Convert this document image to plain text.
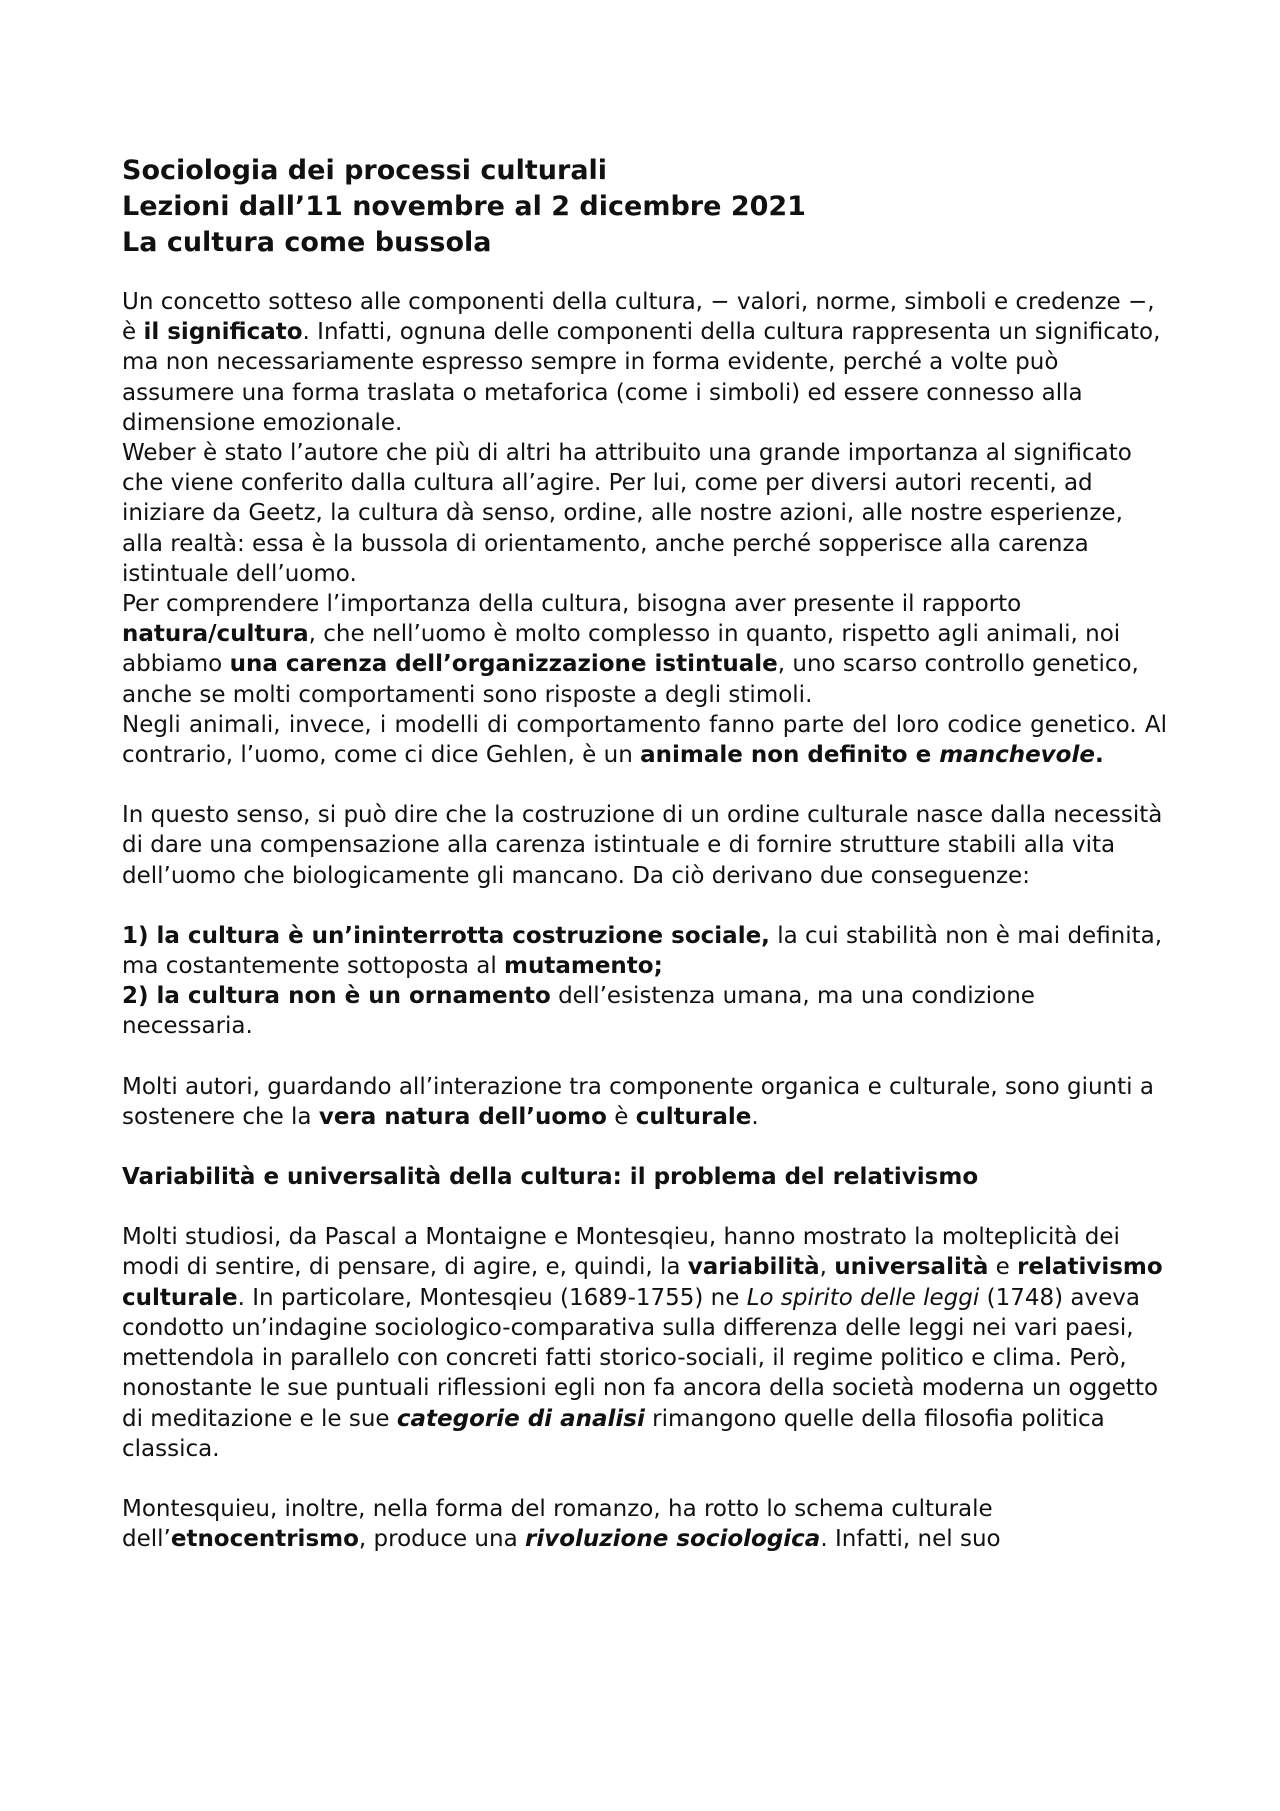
Sociologia dei processi culturali
Lezioni dall’11 novembre al 2 dicembre 2021
La cultura come bussola

Un concetto sotteso alle componenti della cultura, − valori, norme, simboli e credenze −, è il significato. Infatti, ognuna delle componenti della cultura rappresenta un significato, ma non necessariamente espresso sempre in forma evidente, perché a volte può assumere una forma traslata o metaforica (come i simboli) ed essere connesso alla dimensione emozionale.

Weber è stato l’autore che più di altri ha attribuito una grande importanza al significato che viene conferito dalla cultura all’agire. Per lui, come per diversi autori recenti, ad iniziare da Geetz, la cultura dà senso, ordine, alle nostre azioni, alle nostre esperienze, alla realtà: essa è la bussola di orientamento, anche perché sopperisce alla carenza istintuale dell’uomo.

Per comprendere l’importanza della cultura, bisogna aver presente il rapporto natura/cultura, che nell’uomo è molto complesso in quanto, rispetto agli animali, noi abbiamo una carenza dell’organizzazione istintuale, uno scarso controllo genetico, anche se molti comportamenti sono risposte a degli stimoli.

Negli animali, invece, i modelli di comportamento fanno parte del loro codice genetico. Al contrario, l’uomo, come ci dice Gehlen, è un animale non definito e manchevole.

In questo senso, si può dire che la costruzione di un ordine culturale nasce dalla necessità di dare una compensazione alla carenza istintuale e di fornire strutture stabili alla vita dell’uomo che biologicamente gli mancano. Da ciò derivano due conseguenze:

1) la cultura è un’ininterrotta costruzione sociale, la cui stabilità non è mai definita, ma costantemente sottoposta al mutamento;

2) la cultura non è un ornamento dell’esistenza umana, ma una condizione necessaria.

Molti autori, guardando all’interazione tra componente organica e culturale, sono giunti a sostenere che la vera natura dell’uomo è culturale.

Variabilità e universalità della cultura: il problema del relativismo

Molti studiosi, da Pascal a Montaigne e Montesqieu, hanno mostrato la molteplicità dei modi di sentire, di pensare, di agire, e, quindi, la variabilità, universalità e relativismo culturale. In particolare, Montesqieu (1689-1755) ne Lo spirito delle leggi (1748) aveva condotto un’indagine sociologico-comparativa sulla differenza delle leggi nei vari paesi, mettendola in parallelo con concreti fatti storico-sociali, il regime politico e clima. Però, nonostante le sue puntuali riflessioni egli non fa ancora della società moderna un oggetto di meditazione e le sue categorie di analisi rimangono quelle della filosofia politica classica.

Montesquieu, inoltre, nella forma del romanzo, ha rotto lo schema culturale dell’etnocentrismo, produce una rivoluzione sociologica. Infatti, nel suo
